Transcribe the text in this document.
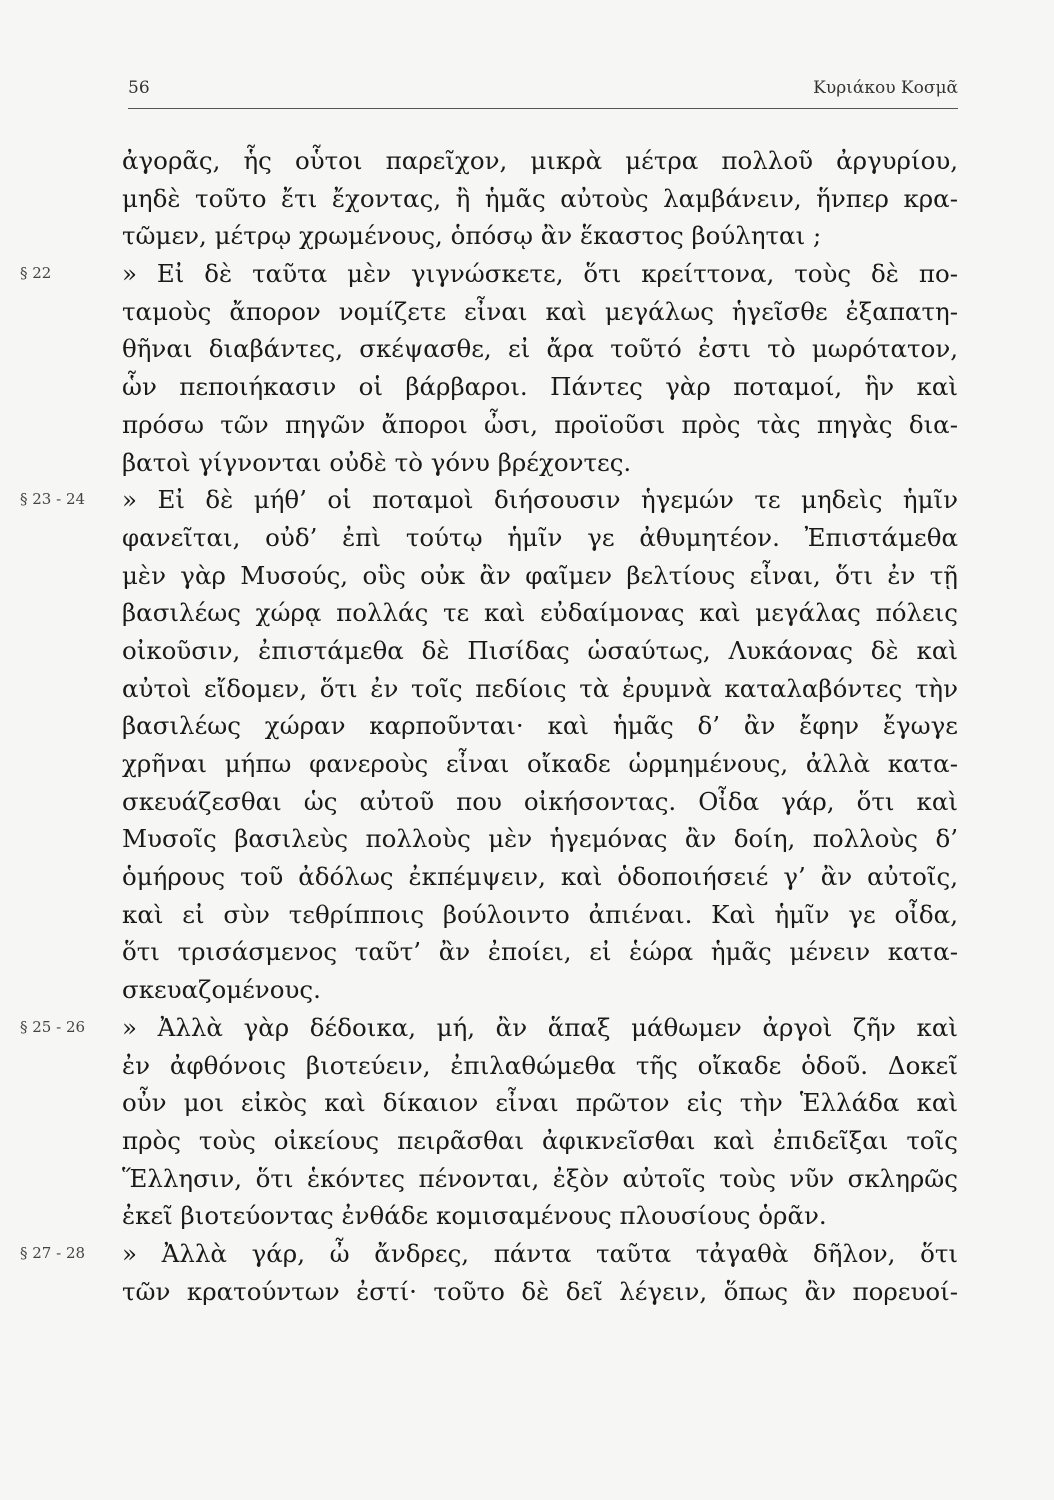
56	Κυριάκου Κοσμᾶ
ἀγορᾶς, ἧς οὗτοι παρεῖχον, μικρὰ μέτρα πολλοῦ ἀργυρίου,
μηδὲ τοῦτο ἔτι ἔχοντας, ἢ ἡμᾶς αὐτοὺς λαμβάνειν, ἥνπερ κρα-
τῶμεν, μέτρῳ χρωμένους, ὁπόσῳ ἂν ἕκαστος βούληται ;
§ 22	» Εἰ δὲ ταῦτα μὲν γιγνώσκετε, ὅτι κρείττονα, τοὺς δὲ πο-
ταμοὺς ἄπορον νομίζετε εἶναι καὶ μεγάλως ἡγεῖσθε ἐξαπατη-
θῆναι διαβάντες, σκέψασθε, εἰ ἄρα τοῦτό ἐστι τὸ μωρότατον,
ὧν πεποιήκασιν οἱ βάρβαροι. Πάντες γὰρ ποταμοί, ἣν καὶ
πρόσω τῶν πηγῶν ἄποροι ὦσι, προϊοῦσι πρὸς τὰς πηγὰς δια-
βατοὶ γίγνονται οὐδὲ τὸ γόνυ βρέχοντες.
§ 23 - 24 » Εἰ δὲ μήθ’ οἱ ποταμοὶ διήσουσιν ἡγεμών τε μηδεὶς ἡμῖν
φανεῖται, οὐδ’ ἐπὶ τούτῳ ἡμῖν γε ἀθυμητέον. Ἐπιστάμεθα
μὲν γὰρ Μυσούς, οὓς οὐκ ἂν φαῖμεν βελτίους εἶναι, ὅτι ἐν τῇ
βασιλέως χώρᾳ πολλάς τε καὶ εὐδαίμονας καὶ μεγάλας πόλεις
οἰκοῦσιν, ἐπιστάμεθα δὲ Πισίδας ὡσαύτως, Λυκάονας δὲ καὶ
αὐτοὶ εἴδομεν, ὅτι ἐν τοῖς πεδίοις τὰ ἐρυμνὰ καταλαβόντες τὴν
βασιλέως χώραν καρποῦνται· καὶ ἡμᾶς δ’ ἂν ἔφην ἔγωγε
χρῆναι μήπω φανεροὺς εἶναι οἴκαδε ὡρμημένους, ἀλλὰ κατα-
σκευάζεσθαι ὡς αὐτοῦ που οἰκήσοντας. Οἶδα γάρ, ὅτι καὶ
Μυσοῖς βασιλεὺς πολλοὺς μὲν ἡγεμόνας ἂν δοίη, πολλοὺς δ’
ὁμήρους τοῦ ἀδόλως ἐκπέμψειν, καὶ ὁδοποιήσειέ γ’ ἂν αὐτοῖς,
καὶ εἰ σὺν τεθρίπποις βούλοιντο ἀπιέναι. Καὶ ἡμῖν γε οἶδα,
ὅτι τρισάσμενος ταῦτ’ ἂν ἐποίει, εἰ ἑώρα ἡμᾶς μένειν κατα-
σκευαζομένους.
§ 25 - 26 » Ἀλλὰ γὰρ δέδοικα, μή, ἂν ἅπαξ μάθωμεν ἀργοὶ ζῆν καὶ
ἐν ἀφθόνοις βιοτεύειν, ἐπιλαθώμεθα τῆς οἴκαδε ὁδοῦ. Δοκεῖ
οὖν μοι εἰκὸς καὶ δίκαιον εἶναι πρῶτον εἰς τὴν Ἑλλάδα καὶ
πρὸς τοὺς οἰκείους πειρᾶσθαι ἀφικνεῖσθαι καὶ ἐπιδεῖξαι τοῖς
Ἕλλησιν, ὅτι ἑκόντες πένονται, ἐξὸν αὐτοῖς τοὺς νῦν σκληρῶς
ἐκεῖ βιοτεύοντας ἐνθάδε κομισαμένους πλουσίους ὁρᾶν.
§ 27 - 28 » Ἀλλὰ γάρ, ὦ ἄνδρες, πάντα ταῦτα τἀγαθὰ δῆλον, ὅτι
τῶν κρατούντων ἐστί· τοῦτο δὲ δεῖ λέγειν, ὅπως ἂν πορευοί-
